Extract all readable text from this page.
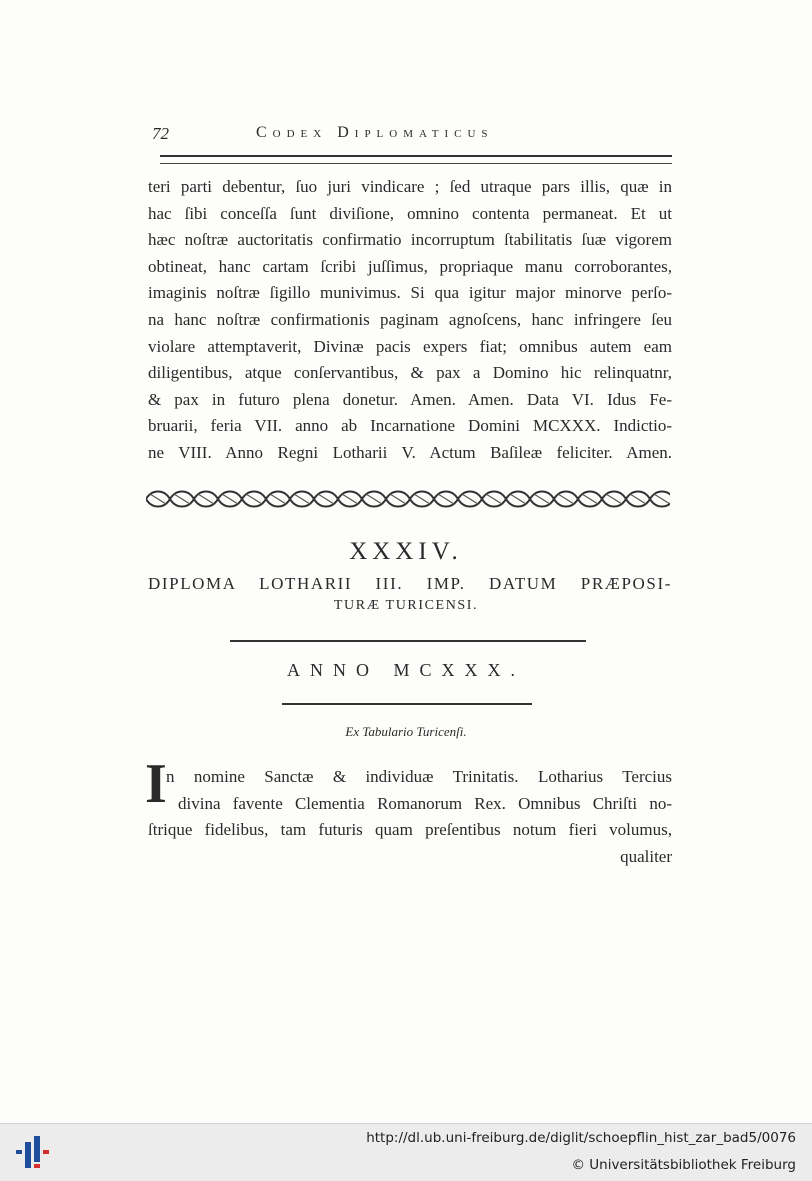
72	Codex Diplomaticus
teri parti debentur, ſuo juri vindicare ; ſed utraque pars illis, quæ in
hac ſibi conceſſa ſunt diviſione, omnino contenta permaneat. Et ut
hæc noſtræ auctoritatis confirmatio incorruptum ſtabilitatis ſuæ vigorem
obtineat, hanc cartam ſcribi juſſimus, propriaque manu corroborantes,
imaginis noſtræ ſigillo munivimus. Si qua igitur major minorve perſo-
na hanc noſtræ confirmationis paginam agnoſcens, hanc infringere ſeu
violare attemptaverit, Divinæ pacis expers fiat; omnibus autem eam
diligentibus, atque conſervantibus, & pax a Domino hic relinquatnr,
& pax in futuro plena donetur. Amen. Amen. Data VI. Idus Fe-
bruarii, feria VII. anno ab Incarnatione Domini MCXXX. Indictio-
ne VIII. Anno Regni Lotharii V. Actum Baſileæ feliciter. Amen.
XXXIV.
DIPLOMA LOTHARII III. IMP. DATUM PRÆPOSI-
TURÆ TURICENSI.
ANNO MCXXX.
Ex Tabulario Turicenſi.
I n nomine Sanctæ & individuæ Trinitatis. Lotharius Tercius
divina favente Clementia Romanorum Rex. Omnibus Chriſti no-
ſtrique fidelibus, tam futuris quam preſentibus notum fieri volumus,
qualiter
http://dl.ub.uni-freiburg.de/diglit/schoepflin_hist_zar_bad5/0076
© Universitätsbibliothek Freiburg
